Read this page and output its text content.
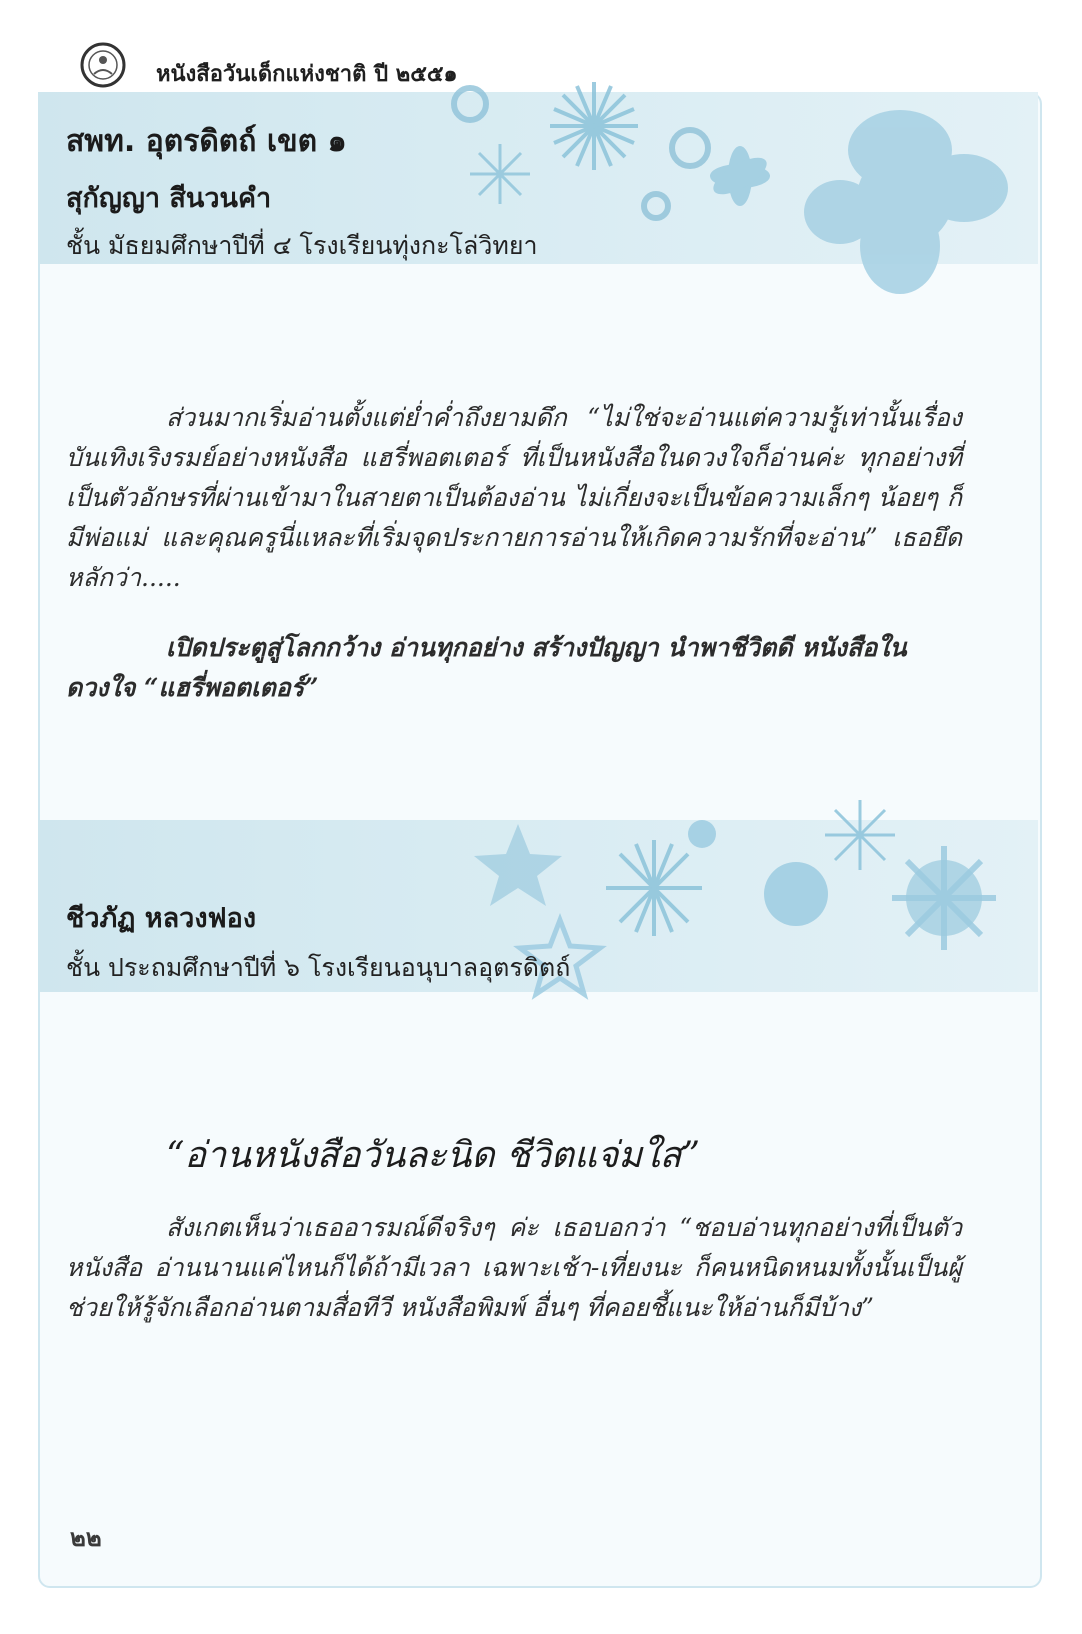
หนังสือวันเด็กแห่งชาติ ปี ๒๕๕๑
สพท. อุตรดิตถ์ เขต ๑
สุกัญญา สีนวนคำ
ชั้น มัธยมศึกษาปีที่ ๔ โรงเรียนทุ่งกะโล่วิทยา

ส่วนมากเริ่มอ่านตั้งแต่ย่ำค่ำถึงยามดึก “ไม่ใช่จะอ่านแต่ความรู้เท่านั้นเรื่องบันเทิงเริงรมย์อย่างหนังสือ แฮรี่พอตเตอร์ ที่เป็นหนังสือในดวงใจก็อ่านค่ะ ทุกอย่างที่เป็นตัวอักษรที่ผ่านเข้ามาในสายตาเป็นต้องอ่าน ไม่เกี่ยงจะเป็นข้อความเล็กๆ น้อยๆ ก็มีพ่อแม่ และคุณครูนี่แหละที่เริ่มจุดประกายการอ่านให้เกิดความรักที่จะอ่าน” เธอยึดหลักว่า.....

เปิดประตูสู่โลกกว้าง อ่านทุกอย่าง สร้างปัญญา นำพาชีวิตดี หนังสือในดวงใจ “แฮรี่พอตเตอร์”

ชีวภัฏ หลวงฟอง
ชั้น ประถมศึกษาปีที่ ๖ โรงเรียนอนุบาลอุตรดิตถ์
“อ่านหนังสือวันละนิด ชีวิตแจ่มใส”

สังเกตเห็นว่าเธออารมณ์ดีจริงๆ ค่ะ เธอบอกว่า “ชอบอ่านทุกอย่างที่เป็นตัวหนังสือ อ่านนานแค่ไหนก็ได้ถ้ามีเวลา เฉพาะเช้า-เที่ยงนะ ก็คนหนิดหนมทั้งนั้นเป็นผู้ช่วยให้รู้จักเลือกอ่านตามสื่อทีวี หนังสือพิมพ์ อื่นๆ ที่คอยชี้แนะให้อ่านก็มีบ้าง”

๒๒
